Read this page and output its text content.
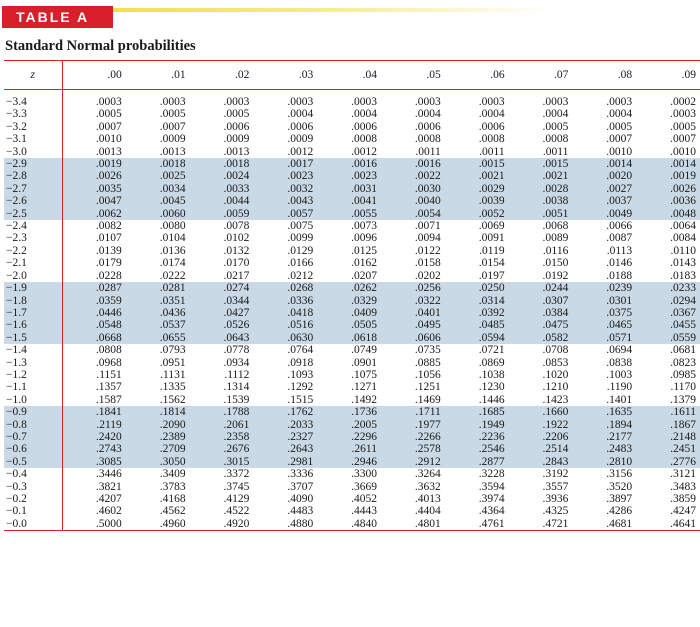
TABLE A
Standard Normal probabilities
z	.00	.01	.02	.03	.04	.05	.06	.07	.08	.09

−3.4	.0003	.0003	.0003	.0003	.0003	.0003	.0003	.0003	.0003	.0002
−3.3	.0005	.0005	.0005	.0004	.0004	.0004	.0004	.0004	.0004	.0003
−3.2	.0007	.0007	.0006	.0006	.0006	.0006	.0006	.0005	.0005	.0005
−3.1	.0010	.0009	.0009	.0009	.0008	.0008	.0008	.0008	.0007	.0007
−3.0	.0013	.0013	.0013	.0012	.0012	.0011	.0011	.0011	.0010	.0010
−2.9	.0019	.0018	.0018	.0017	.0016	.0016	.0015	.0015	.0014	.0014
−2.8	.0026	.0025	.0024	.0023	.0023	.0022	.0021	.0021	.0020	.0019
−2.7	.0035	.0034	.0033	.0032	.0031	.0030	.0029	.0028	.0027	.0026
−2.6	.0047	.0045	.0044	.0043	.0041	.0040	.0039	.0038	.0037	.0036
−2.5	.0062	.0060	.0059	.0057	.0055	.0054	.0052	.0051	.0049	.0048
−2.4	.0082	.0080	.0078	.0075	.0073	.0071	.0069	.0068	.0066	.0064
−2.3	.0107	.0104	.0102	.0099	.0096	.0094	.0091	.0089	.0087	.0084
−2.2	.0139	.0136	.0132	.0129	.0125	.0122	.0119	.0116	.0113	.0110
−2.1	.0179	.0174	.0170	.0166	.0162	.0158	.0154	.0150	.0146	.0143
−2.0	.0228	.0222	.0217	.0212	.0207	.0202	.0197	.0192	.0188	.0183
−1.9	.0287	.0281	.0274	.0268	.0262	.0256	.0250	.0244	.0239	.0233
−1.8	.0359	.0351	.0344	.0336	.0329	.0322	.0314	.0307	.0301	.0294
−1.7	.0446	.0436	.0427	.0418	.0409	.0401	.0392	.0384	.0375	.0367
−1.6	.0548	.0537	.0526	.0516	.0505	.0495	.0485	.0475	.0465	.0455
−1.5	.0668	.0655	.0643	.0630	.0618	.0606	.0594	.0582	.0571	.0559
−1.4	.0808	.0793	.0778	.0764	.0749	.0735	.0721	.0708	.0694	.0681
−1.3	.0968	.0951	.0934	.0918	.0901	.0885	.0869	.0853	.0838	.0823
−1.2	.1151	.1131	.1112	.1093	.1075	.1056	.1038	.1020	.1003	.0985
−1.1	.1357	.1335	.1314	.1292	.1271	.1251	.1230	.1210	.1190	.1170
−1.0	.1587	.1562	.1539	.1515	.1492	.1469	.1446	.1423	.1401	.1379
−0.9	.1841	.1814	.1788	.1762	.1736	.1711	.1685	.1660	.1635	.1611
−0.8	.2119	.2090	.2061	.2033	.2005	.1977	.1949	.1922	.1894	.1867
−0.7	.2420	.2389	.2358	.2327	.2296	.2266	.2236	.2206	.2177	.2148
−0.6	.2743	.2709	.2676	.2643	.2611	.2578	.2546	.2514	.2483	.2451
−0.5	.3085	.3050	.3015	.2981	.2946	.2912	.2877	.2843	.2810	.2776
−0.4	.3446	.3409	.3372	.3336	.3300	.3264	.3228	.3192	.3156	.3121
−0.3	.3821	.3783	.3745	.3707	.3669	.3632	.3594	.3557	.3520	.3483
−0.2	.4207	.4168	.4129	.4090	.4052	.4013	.3974	.3936	.3897	.3859
−0.1	.4602	.4562	.4522	.4483	.4443	.4404	.4364	.4325	.4286	.4247
−0.0	.5000	.4960	.4920	.4880	.4840	.4801	.4761	.4721	.4681	.4641
